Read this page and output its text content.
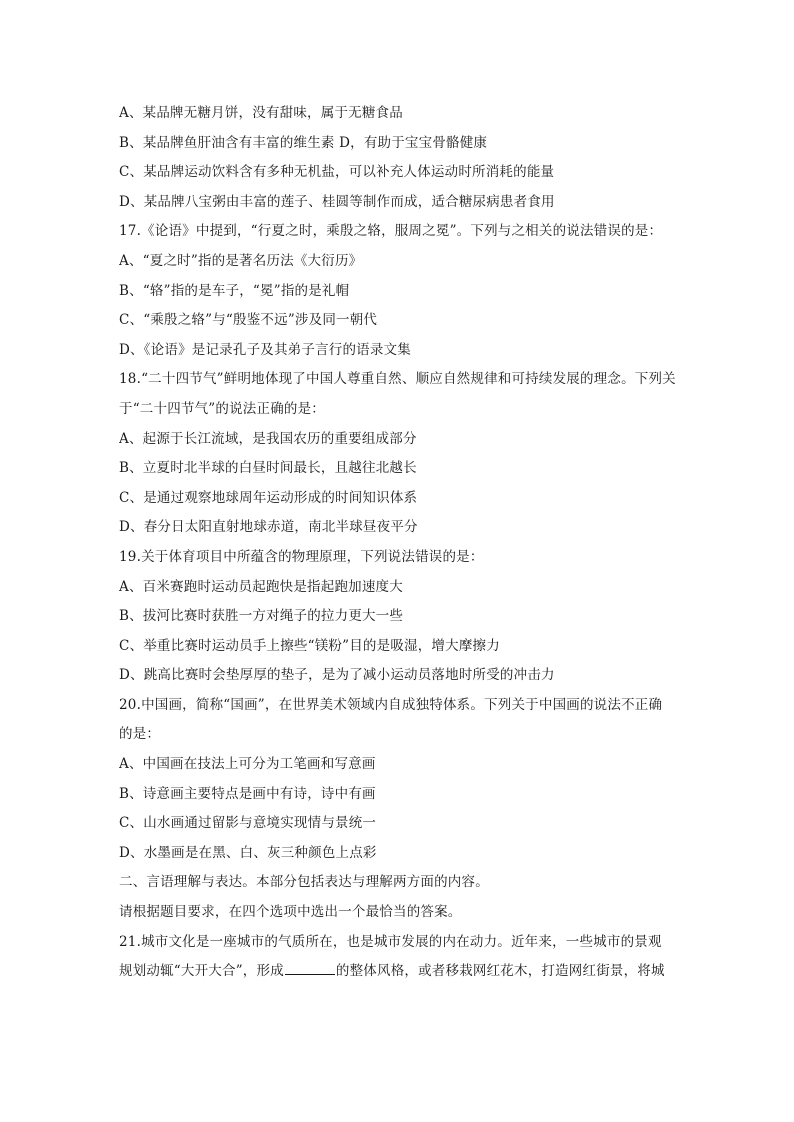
A、某品牌无糖月饼，没有甜味，属于无糖食品
B、某品牌鱼肝油含有丰富的维生素 D，有助于宝宝骨骼健康
C、某品牌运动饮料含有多种无机盐，可以补充人体运动时所消耗的能量
D、某品牌八宝粥由丰富的莲子、桂圆等制作而成，适合糖尿病患者食用
17.《论语》中提到，“行夏之时，乘殷之辂，服周之冕”。下列与之相关的说法错误的是：
A、“夏之时”指的是著名历法《大衍历》
B、“辂”指的是车子，“冕”指的是礼帽
C、“乘殷之辂”与“殷鉴不远”涉及同一朝代
D、《论语》是记录孔子及其弟子言行的语录文集
18.“二十四节气”鲜明地体现了中国人尊重自然、顺应自然规律和可持续发展的理念。下列关
于“二十四节气”的说法正确的是：
A、起源于长江流域，是我国农历的重要组成部分
B、立夏时北半球的白昼时间最长，且越往北越长
C、是通过观察地球周年运动形成的时间知识体系
D、春分日太阳直射地球赤道，南北半球昼夜平分
19.关于体育项目中所蕴含的物理原理，下列说法错误的是：
A、百米赛跑时运动员起跑快是指起跑加速度大
B、拔河比赛时获胜一方对绳子的拉力更大一些
C、举重比赛时运动员手上擦些“镁粉”目的是吸湿，增大摩擦力
D、跳高比赛时会垫厚厚的垫子，是为了减小运动员落地时所受的冲击力
20.中国画，简称“国画”，在世界美术领域内自成独特体系。下列关于中国画的说法不正确
的是：
A、中国画在技法上可分为工笔画和写意画
B、诗意画主要特点是画中有诗，诗中有画
C、山水画通过留影与意境实现情与景统一
D、水墨画是在黑、白、灰三种颜色上点彩
二、言语理解与表达。本部分包括表达与理解两方面的内容。
请根据题目要求，在四个选项中选出一个最恰当的答案。
21.城市文化是一座城市的气质所在，也是城市发展的内在动力。近年来，一些城市的景观
规划动辄“大开大合”，形成	的整体风格，或者移栽网红花木，打造网红街景，将城
